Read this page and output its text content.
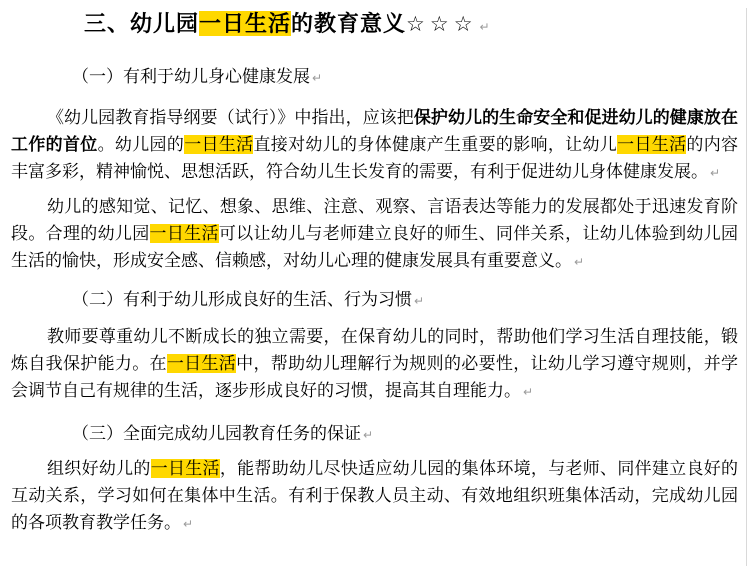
三、幼儿园一日生活的教育意义☆☆☆ ↵
（一）有利于幼儿身心健康发展 ↵
《幼儿园教育指导纲要（试行）》中指出，应该把保护幼儿的生命安全和促进幼儿的健康放在工作的首位。幼儿园的一日生活直接对幼儿的身体健康产生重要的影响，让幼儿一日生活的内容丰富多彩，精神愉悦、思想活跃，符合幼儿生长发育的需要，有利于促进幼儿身体健康发展。 ↵
幼儿的感知觉、记忆、想象、思维、注意、观察、言语表达等能力的发展都处于迅速发育阶段。合理的幼儿园一日生活可以让幼儿与老师建立良好的师生、同伴关系，让幼儿体验到幼儿园生活的愉快，形成安全感、信赖感，对幼儿心理的健康发展具有重要意义。 ↵
（二）有利于幼儿形成良好的生活、行为习惯 ↵
教师要尊重幼儿不断成长的独立需要，在保育幼儿的同时，帮助他们学习生活自理技能，锻炼自我保护能力。在一日生活中，帮助幼儿理解行为规则的必要性，让幼儿学习遵守规则，并学会调节自己有规律的生活，逐步形成良好的习惯，提高其自理能力。 ↵
（三）全面完成幼儿园教育任务的保证 ↵
组织好幼儿的一日生活，能帮助幼儿尽快适应幼儿园的集体环境，与老师、同伴建立良好的互动关系，学习如何在集体中生活。有利于保教人员主动、有效地组织班集体活动，完成幼儿园的各项教育教学任务。 ↵
